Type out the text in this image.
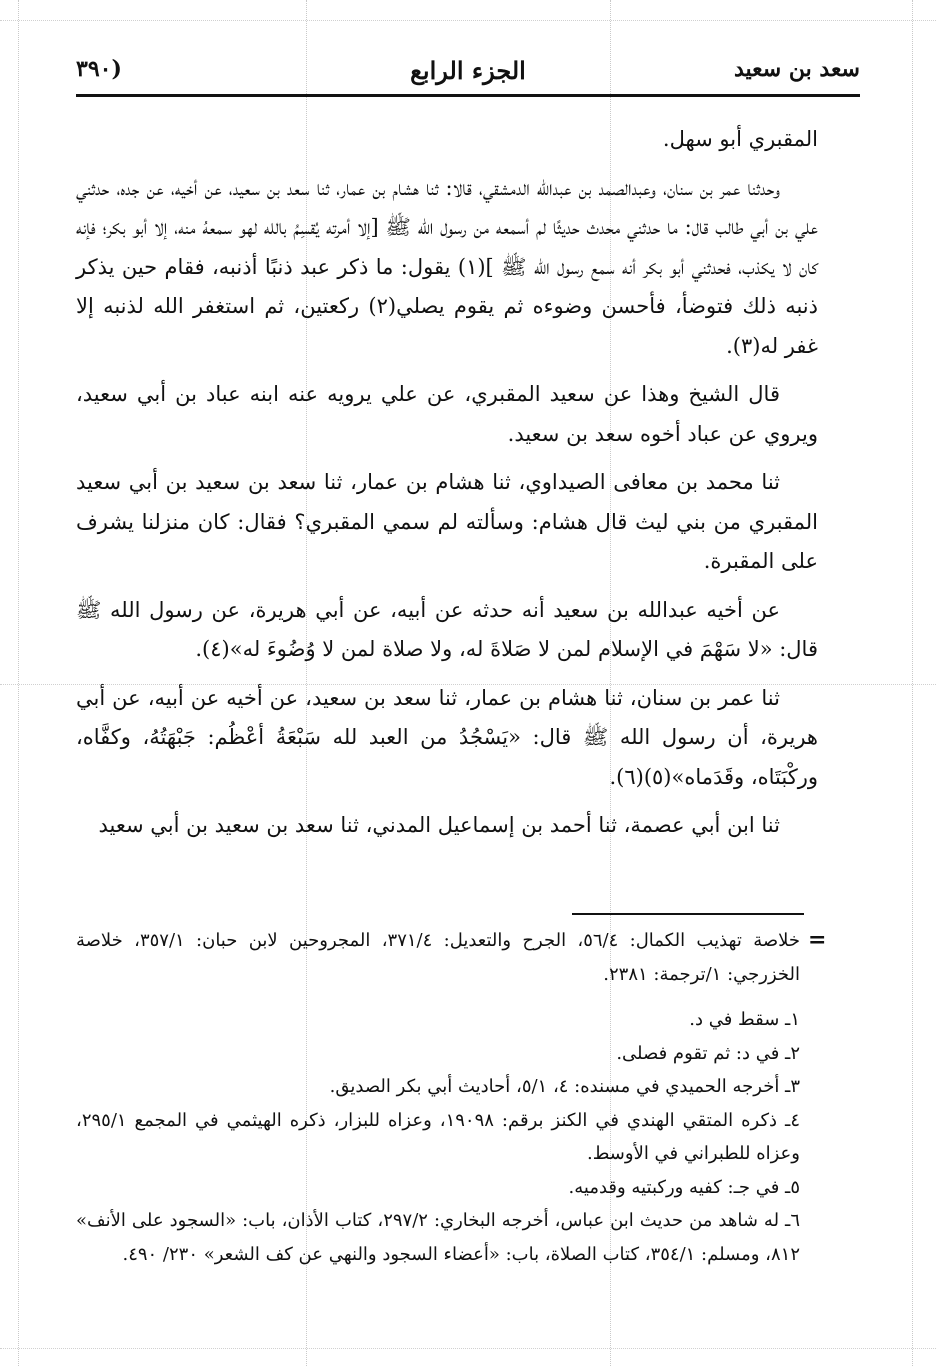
سعد بن سعيد
الجزء الرابع
(٣٩٠

المقبري أبو سهل.

وحدثنا عمر بن سنان، وعبدالصمد بن عبدالله الدمشقي، قالا: ثنا هشام بن عمار، ثنا سعد بن سعيد، عن أخيه، عن جده، حدثني علي بن أبي طالب قال: ما حدثني محدث حديثًا لم أسمعه من رسول الله ﷺ [إلا أمرته يُقسِمُ بالله لهو سمعهُ منه، إلا أبو بكر؛ فإنه كان لا يكذب، فحدثني أبو بكر أنه سمع رسول الله ﷺ ](١) يقول: ما ذكر عبد ذنبًا أذنبه، فقام حين يذكر ذنبه ذلك فتوضأ، فأحسن وضوءه ثم يقوم يصلي(٢) ركعتين، ثم استغفر الله لذنبه إلا غفر له(٣).

قال الشيخ وهذا عن سعيد المقبري، عن علي يرويه عنه ابنه عباد بن أبي سعيد، ويروي عن عباد أخوه سعد بن سعيد.

ثنا محمد بن معافى الصيداوي، ثنا هشام بن عمار، ثنا سعد بن سعيد بن أبي سعيد المقبري من بني ليث قال هشام: وسألته لم سمي المقبري؟ فقال: كان منزلنا يشرف على المقبرة.

عن أخيه عبدالله بن سعيد أنه حدثه عن أبيه، عن أبي هريرة، عن رسول الله ﷺ قال: «لا سَهْمَ في الإسلام لمن لا صَلاةَ له، ولا صلاة لمن لا وُضُوءَ له»(٤).

ثنا عمر بن سنان، ثنا هشام بن عمار، ثنا سعد بن سعيد، عن أخيه عن أبيه، عن أبي هريرة، أن رسول الله ﷺ قال: «يَسْجُدُ من العبد لله سَبْعَةُ أعْظُم: جَبْهَتُهُ، وكفَّاه، وركْبَتَاه، وقَدَماه»(٥)(٦).

ثنا ابن أبي عصمة، ثنا أحمد بن إسماعيل المدني، ثنا سعد بن سعيد بن أبي سعيد

=

خلاصة تهذيب الكمال: ٥٦/٤، الجرح والتعديل: ٣٧١/٤، المجروحين لابن حبان: ٣٥٧/١، خلاصة الخزرجي: ١/ترجمة: ٢٣٨١.

١ـ سقط في د.

٢ـ في د: ثم تقوم فصلى.

٣ـ أخرجه الحميدي في مسنده: ٤، ٥/١، أحاديث أبي بكر الصديق.

٤ـ ذكره المتقي الهندي في الكنز برقم: ١٩٠٩٨، وعزاه للبزار، ذكره الهيثمي في المجمع ٢٩٥/١، وعزاه للطبراني في الأوسط.

٥ـ في جـ: كفيه وركبتيه وقدميه.

٦ـ له شاهد من حديث ابن عباس، أخرجه البخاري: ٢٩٧/٢، كتاب الأذان، باب: «السجود على الأنف» ٨١٢، ومسلم: ٣٥٤/١، كتاب الصلاة، باب: «أعضاء السجود والنهي عن كف الشعر» ٢٣٠/ ٤٩٠.
